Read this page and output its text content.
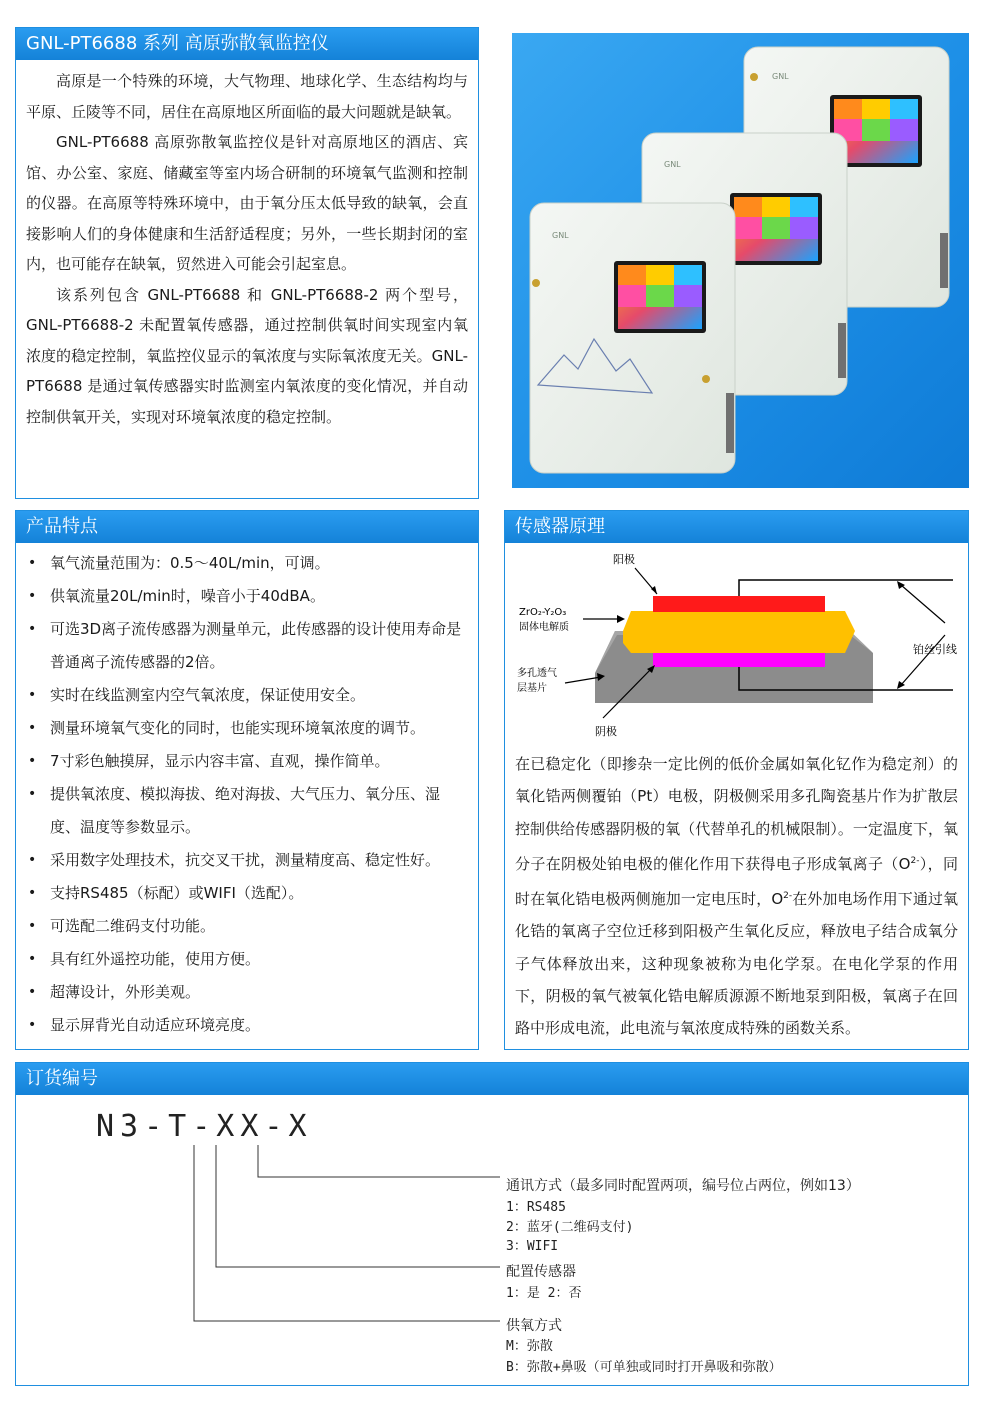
GNL-PT6688 系列 高原弥散氧监控仪

高原是一个特殊的环境，大气物理、地球化学、生态结构均与平原、丘陵等不同，居住在高原地区所面临的最大问题就是缺氧。

GNL-PT6688 高原弥散氧监控仪是针对高原地区的酒店、宾馆、办公室、家庭、储藏室等室内场合研制的环境氧气监测和控制的仪器。在高原等特殊环境中，由于氧分压太低导致的缺氧，会直接影响人们的身体健康和生活舒适程度；另外，一些长期封闭的室内，也可能存在缺氧，贸然进入可能会引起室息。

该系列包含 GNL-PT6688 和 GNL-PT6688-2 两个型号，GNL-PT6688-2 未配置氧传感器，通过控制供氧时间实现室内氧浓度的稳定控制，氧监控仪显示的氧浓度与实际氧浓度无关。GNL-PT6688 是通过氧传感器实时监测室内氧浓度的变化情况，并自动控制供氧开关，实现对环境氧浓度的稳定控制。

GNL
GNL
GNL
产品特点
• 氧气流量范围为：0.5～40L/min，可调。
• 供氧流量20L/min时，噪音小于40dBA。
• 可选3D离子流传感器为测量单元，此传感器的设计使用寿命是普通离子流传感器的2倍。
• 实时在线监测室内空气氧浓度，保证使用安全。
• 测量环境氧气变化的同时，也能实现环境氧浓度的调节。
• 7寸彩色触摸屏，显示内容丰富、直观，操作简单。
• 提供氧浓度、模拟海拔、绝对海拔、大气压力、氧分压、湿度、温度等参数显示。
• 采用数字处理技术，抗交叉干扰，测量精度高、稳定性好。
• 支持RS485（标配）或WIFI（选配）。
• 可选配二维码支付功能。
• 具有红外遥控功能，使用方便。
• 超薄设计，外形美观。
• 显示屏背光自动适应环境亮度。
传感器原理
阳极
ZrO₂-Y₂O₃
固体电解质
多孔透气
层基片
阴极
铂丝引线
在已稳定化（即掺杂一定比例的低价金属如氧化钇作为稳定剂）的氧化锆两侧覆铂（Pt）电极，阴极侧采用多孔陶瓷基片作为扩散层控制供给传感器阴极的氧（代替单孔的机械限制）。一定温度下，氧分子在阴极处铂电极的催化作用下获得电子形成氧离子$(O^{2-})$，同时在氧化锆电极两侧施加一定电压时，$O^{2-}$在外加电场作用下通过氧化锆的氧离子空位迁移到阳极产生氧化反应，释放电子结合成氧分子气体释放出来，这种现象被称为电化学泵。在电化学泵的作用下，阴极的氧气被氧化锆电解质源源不断地泵到阳极，氧离子在回路中形成电流，此电流与氧浓度成特殊的函数关系。
订货编号
N3-T-XX-X
通讯方式（最多同时配置两项，编号位占两位，例如13）
1：RS485
2：蓝牙(二维码支付)
3：WIFI
配置传感器
1：是 2：否
供氧方式
M：弥散
B：弥散+鼻吸（可单独或同时打开鼻吸和弥散）
